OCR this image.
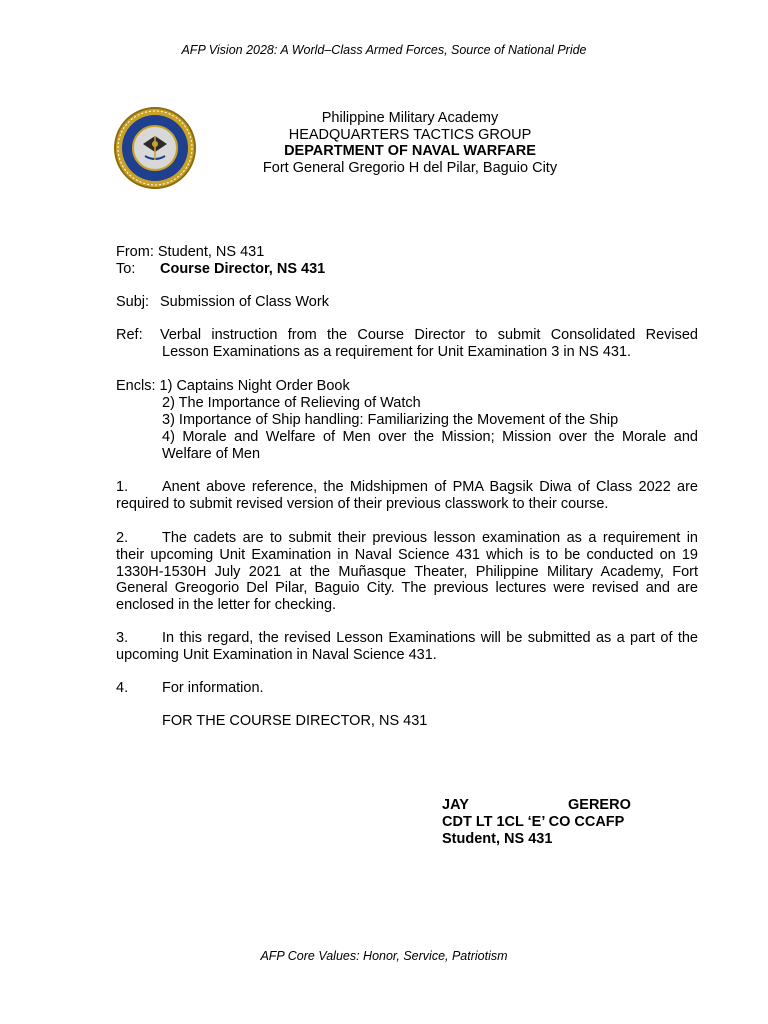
AFP Vision 2028: A World–Class Armed Forces, Source of National Pride
Philippine Military Academy
HEADQUARTERS TACTICS GROUP
DEPARTMENT OF NAVAL WARFARE
Fort General Gregorio H del Pilar, Baguio City
From: Student, NS 431
To: Course Director, NS 431
Subj: Submission of Class Work
Ref: Verbal instruction from the Course Director to submit Consolidated Revised
Lesson Examinations as a requirement for Unit Examination 3 in NS 431.
Encls: 1) Captains Night Order Book
2) The Importance of Relieving of Watch
3) Importance of Ship handling: Familiarizing the Movement of the Ship
4) Morale and Welfare of Men over the Mission; Mission over the Morale and Welfare of Men
1. Anent above reference, the Midshipmen of PMA Bagsik Diwa of Class 2022 are required to submit revised version of their previous classwork to their course.
2. The cadets are to submit their previous lesson examination as a requirement in their upcoming Unit Examination in Naval Science 431 which is to be conducted on 19 1330H-1530H July 2021 at the Muñasque Theater, Philippine Military Academy, Fort General Greogorio Del Pilar, Baguio City. The previous lectures were revised and are enclosed in the letter for checking.
3. In this regard, the revised Lesson Examinations will be submitted as a part of the upcoming Unit Examination in Naval Science 431.
4. For information.
FOR THE COURSE DIRECTOR, NS 431
JAY	GERERO
CDT LT 1CL ‘E’ CO CCAFP
Student, NS 431
AFP Core Values: Honor, Service, Patriotism
